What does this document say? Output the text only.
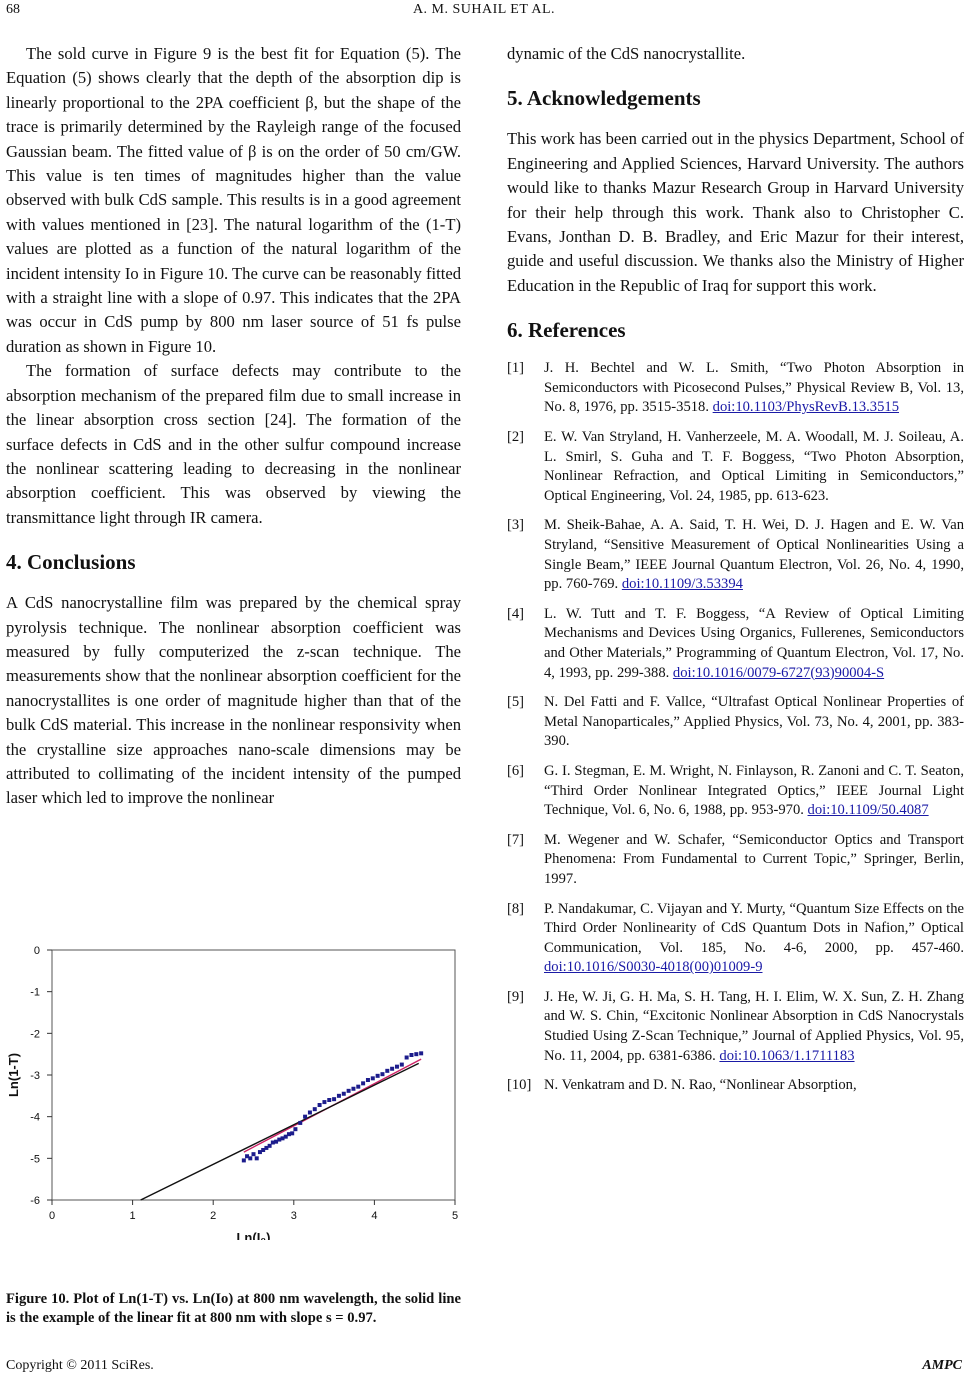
68	A. M. SUHAIL ET AL.

The sold curve in Figure 9 is the best fit for Equation (5). The Equation (5) shows clearly that the depth of the absorption dip is linearly proportional to the 2PA coefficient β, but the shape of the trace is primarily determined by the Rayleigh range of the focused Gaussian beam. The fitted value of β is on the order of 50 cm/GW. This value is ten times of magnitudes higher than the value observed with bulk CdS sample. This results is in a good agreement with values mentioned in [23]. The natural logarithm of the (1-T) values are plotted as a function of the natural logarithm of the incident intensity Io in Figure 10. The curve can be reasonably fitted with a straight line with a slope of 0.97. This indicates that the 2PA was occur in CdS pump by 800 nm laser source of 51 fs pulse duration as shown in Figure 10.

The formation of surface defects may contribute to the absorption mechanism of the prepared film due to small increase in the linear absorption cross section [24]. The formation of the surface defects in CdS and in the other sulfur compound increase the nonlinear scattering leading to decreasing in the nonlinear absorption coefficient. This was observed by viewing the transmittance light through IR camera.

4. Conclusions

A CdS nanocrystalline film was prepared by the chemical spray pyrolysis technique. The nonlinear absorption coefficient was measured by fully computerized the z-scan technique. The measurements show that the nonlinear absorption coefficient for the nanocrystallites is one order of magnitude higher than that of the bulk CdS material. This increase in the nonlinear responsivity when the crystalline size approaches nano-scale dimensions may be attributed to collimating of the incident intensity of the pumped laser which led to improve the nonlinear

0	1	2	3	4	5
0
-1
-2
-3
-4
-5
-6
Ln(I₀)
Ln(1-T)
Figure 10. Plot of Ln(1-T) vs. Ln(Io) at 800 nm wavelength, the solid line is the example of the linear fit at 800 nm with slope s = 0.97.

dynamic of the CdS nanocrystallite.

5. Acknowledgements

This work has been carried out in the physics Department, School of Engineering and Applied Sciences, Harvard University. The authors would like to thanks Mazur Research Group in Harvard University for their help through this work. Thank also to Christopher C. Evans, Jonthan D. B. Bradley, and Eric Mazur for their interest, guide and useful discussion. We thanks also the Ministry of Higher Education in the Republic of Iraq for support this work.

6. References
[1]	J. H. Bechtel and W. L. Smith, “Two Photon Absorption in Semiconductors with Picosecond Pulses,” Physical Review B, Vol. 13, No. 8, 1976, pp. 3515-3518. doi:10.1103/PhysRevB.13.3515
[2]	E. W. Van Stryland, H. Vanherzeele, M. A. Woodall, M. J. Soileau, A. L. Smirl, S. Guha and T. F. Boggess, “Two Photon Absorption, Nonlinear Refraction, and Optical Limiting in Semiconductors,” Optical Engineering, Vol. 24, 1985, pp. 613-623.
[3]	M. Sheik-Bahae, A. A. Said, T. H. Wei, D. J. Hagen and E. W. Van Stryland, “Sensitive Measurement of Optical Nonlinearities Using a Single Beam,” IEEE Journal Quantum Electron, Vol. 26, No. 4, 1990, pp. 760-769. doi:10.1109/3.53394
[4]	L. W. Tutt and T. F. Boggess, “A Review of Optical Limiting Mechanisms and Devices Using Organics, Fullerenes, Semiconductors and Other Materials,” Programming of Quantum Electron, Vol. 17, No. 4, 1993, pp. 299-388. doi:10.1016/0079-6727(93)90004-S
[5]	N. Del Fatti and F. Vallce, “Ultrafast Optical Nonlinear Properties of Metal Nanoparticales,” Applied Physics, Vol. 73, No. 4, 2001, pp. 383-390.
[6]	G. I. Stegman, E. M. Wright, N. Finlayson, R. Zanoni and C. T. Seaton, “Third Order Nonlinear Integrated Optics,” IEEE Journal Light Technique, Vol. 6, No. 6, 1988, pp. 953-970. doi:10.1109/50.4087
[7]	M. Wegener and W. Schafer, “Semiconductor Optics and Transport Phenomena: From Fundamental to Current Topic,” Springer, Berlin, 1997.
[8]	P. Nandakumar, C. Vijayan and Y. Murty, “Quantum Size Effects on the Third Order Nonlinearity of CdS Quantum Dots in Nafion,” Optical Communication, Vol. 185, No. 4-6, 2000, pp. 457-460. doi:10.1016/S0030-4018(00)01009-9
[9]	J. He, W. Ji, G. H. Ma, S. H. Tang, H. I. Elim, W. X. Sun, Z. H. Zhang and W. S. Chin, “Excitonic Nonlinear Absorption in CdS Nanocrystals Studied Using Z-Scan Technique,” Journal of Applied Physics, Vol. 95, No. 11, 2004, pp. 6381-6386. doi:10.1063/1.1711183
[10] N. Venkatram and D. N. Rao, “Nonlinear Absorption,
Copyright © 2011 SciRes.	AMPC
